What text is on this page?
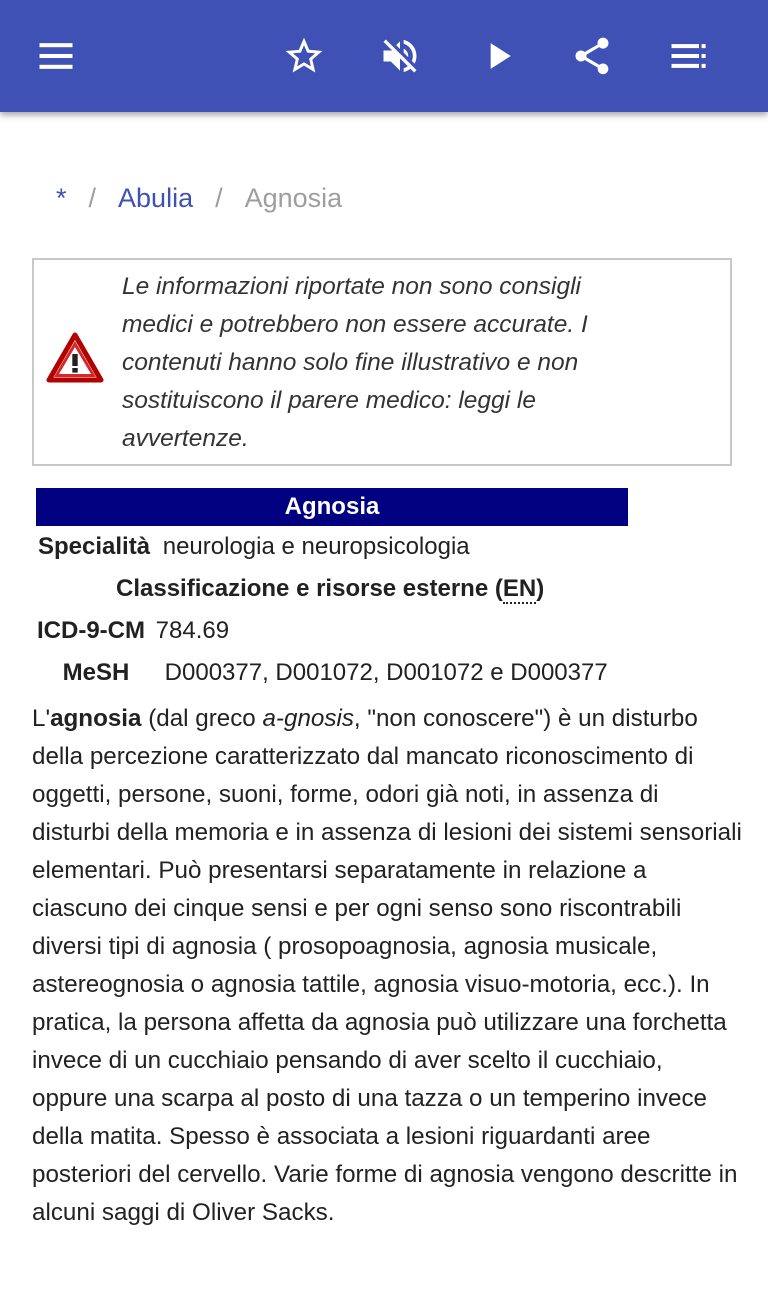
* / Abulia / Agnosia
Le informazioni riportate non sono consigli
medici e potrebbero non essere accurate. I
contenuti hanno solo fine illustrativo e non
sostituiscono il parere medico: leggi le
avvertenze.
Agnosia
Specialità neurologia e neuropsicologia
Classificazione e risorse esterne (EN)
ICD-9-CM 784.69
MeSH D000377, D001072, D001072 e D000377
L'agnosia (dal greco a-gnosis, "non conoscere") è un disturbo della percezione caratterizzato dal mancato riconoscimento di oggetti, persone, suoni, forme, odori già noti, in assenza di disturbi della memoria e in assenza di lesioni dei sistemi sensoriali elementari. Può presentarsi separatamente in relazione a ciascuno dei cinque sensi e per ogni senso sono riscontrabili diversi tipi di agnosia ( prosopoagnosia, agnosia musicale, astereognosia o agnosia tattile, agnosia visuo-motoria, ecc.). In pratica, la persona affetta da agnosia può utilizzare una forchetta invece di un cucchiaio pensando di aver scelto il cucchiaio, oppure una scarpa al posto di una tazza o un temperino invece della matita. Spesso è associata a lesioni riguardanti aree posteriori del cervello. Varie forme di agnosia vengono descritte in alcuni saggi di Oliver Sacks.
